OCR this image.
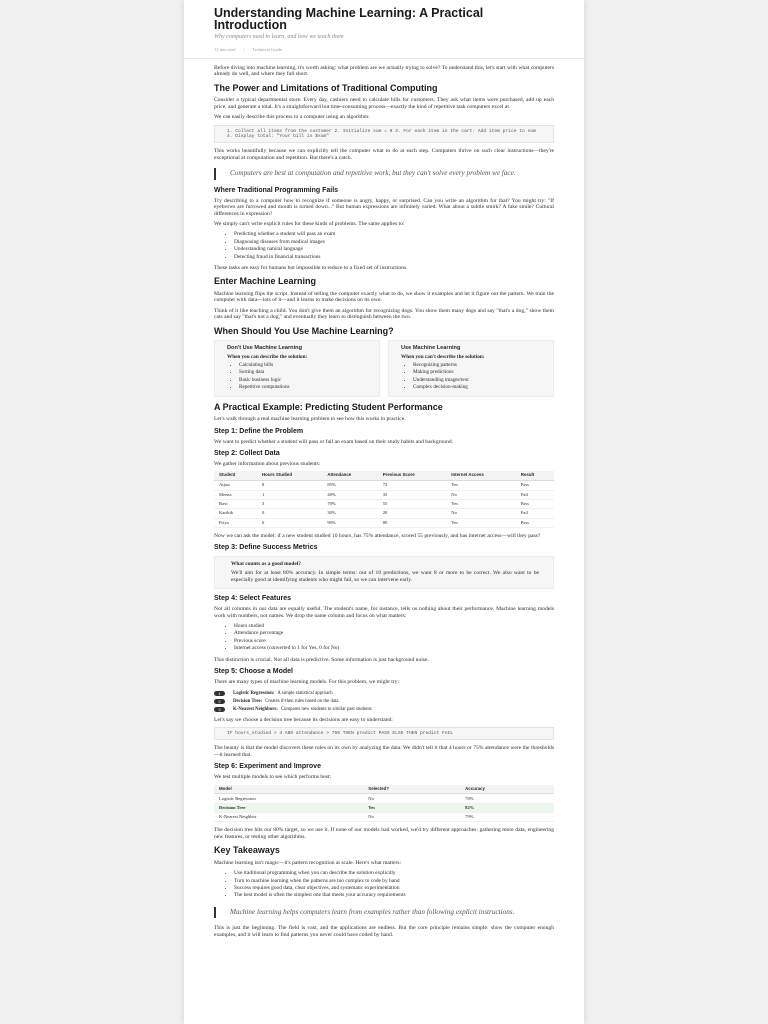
Understanding Machine Learning: A Practical Introduction
Why computers need to learn, and how we teach them
12 min read | Technical Guide

Before diving into machine learning, it's worth asking: what problem are we actually trying to solve? To understand this, let's start with what computers already do well, and where they fall short.

The Power and Limitations of Traditional Computing

Consider a typical departmental store. Every day, cashiers need to calculate bills for customers. They ask what items were purchased, add up each price, and generate a total. It's a straightforward but time-consuming process—exactly the kind of repetitive task computers excel at.

We can easily describe this process to a computer using an algorithm:

1. Collect all items from the customer 2. Initialize sum = 0 3. For each item in the cart: Add item price to sum 4. Display total: "Your bill is $sum"

This works beautifully because we can explicitly tell the computer what to do at each step. Computers thrive on such clear instructions—they're exceptional at computation and repetition. But there's a catch.

Computers are best at computation and repetitive work, but they can't solve every problem we face.
Where Traditional Programming Fails

Try describing to a computer how to recognize if someone is angry, happy, or surprised. Can you write an algorithm for that? You might try: "If eyebrows are furrowed and mouth is turned down..." But human expressions are infinitely varied. What about a subtle smirk? A fake smile? Cultural differences in expression?

We simply can't write explicit rules for these kinds of problems. The same applies to:

• Predicting whether a student will pass an exam
• Diagnosing diseases from medical images
• Understanding natural language
• Detecting fraud in financial transactions

These tasks are easy for humans but impossible to reduce to a fixed set of instructions.

Enter Machine Learning

Machine learning flips the script. Instead of telling the computer exactly what to do, we show it examples and let it figure out the pattern. We train the computer with data—lots of it—and it learns to make decisions on its own.

Think of it like teaching a child. You don't give them an algorithm for recognizing dogs. You show them many dogs and say "that's a dog," show them cats and say "that's not a dog," and eventually they learn to distinguish between the two.

When Should You Use Machine Learning?
Don't Use Machine Learning
When you can describe the solution:
• Calculating bills
• Sorting data
• Basic business logic
• Repetitive computations
Use Machine Learning
When you can't describe the solution:
• Recognizing patterns
• Making predictions
• Understanding images/text
• Complex decision-making
A Practical Example: Predicting Student Performance

Let's walk through a real machine learning problem to see how this works in practice.

Step 1: Define the Problem

We want to predict whether a student will pass or fail an exam based on their study habits and background.

Step 2: Collect Data

We gather information about previous students:

Student	Hours Studied	Attendance	Previous Score	Internet Access	Result
Arjun	8	85%	72	Yes	Pass
Meena	1	40%	35	No	Fail
Ravi	3	70%	55	Yes	Pass
Karthik	0	30%	20	No	Fail
Priya	6	90%	80	Yes	Pass

Now we can ask the model: if a new student studied 10 hours, has 75% attendance, scored 55 previously, and has internet access—will they pass?

Step 3: Define Success Metrics
What counts as a good model?

We'll aim for at least 80% accuracy. In simple terms: out of 10 predictions, we want 8 or more to be correct. We also want to be especially good at identifying students who might fail, so we can intervene early.

Step 4: Select Features

Not all columns in our data are equally useful. The student's name, for instance, tells us nothing about their performance. Machine learning models work with numbers, not names. We drop the name column and focus on what matters:

• Hours studied
• Attendance percentage
• Previous score
• Internet access (converted to 1 for Yes, 0 for No)

This distinction is crucial. Not all data is predictive. Some information is just background noise.

Step 5: Choose a Model

There are many types of machine learning models. For this problem, we might try:

1	Logistic Regression: A simple statistical approach
2	Decision Tree: Creates if-then rules based on the data
3	K-Nearest Neighbors: Compares new students to similar past students

Let's say we choose a decision tree because its decisions are easy to understand:

IF hours_studied > 4 AND attendance > 75% THEN predict PASS ELSE THEN predict FAIL

The beauty is that the model discovers these rules on its own by analyzing the data. We didn't tell it that 4 hours or 75% attendance were the thresholds—it learned that.

Step 6: Experiment and Improve

We test multiple models to see which performs best:

Model	Selected?	Accuracy
Logistic Regression	No	78%
Decision Tree	Yes	82%
K-Nearest Neighbor	No	79%

The decision tree hits our 80% target, so we use it. If none of our models had worked, we'd try different approaches: gathering more data, engineering new features, or testing other algorithms.

Key Takeaways

Machine learning isn't magic—it's pattern recognition at scale. Here's what matters:

• Use traditional programming when you can describe the solution explicitly
• Turn to machine learning when the patterns are too complex to code by hand
• Success requires good data, clear objectives, and systematic experimentation
• The best model is often the simplest one that meets your accuracy requirements
Machine learning helps computers learn from examples rather than following explicit instructions.

This is just the beginning. The field is vast, and the applications are endless. But the core principle remains simple: show the computer enough examples, and it will learn to find patterns you never could have coded by hand.
